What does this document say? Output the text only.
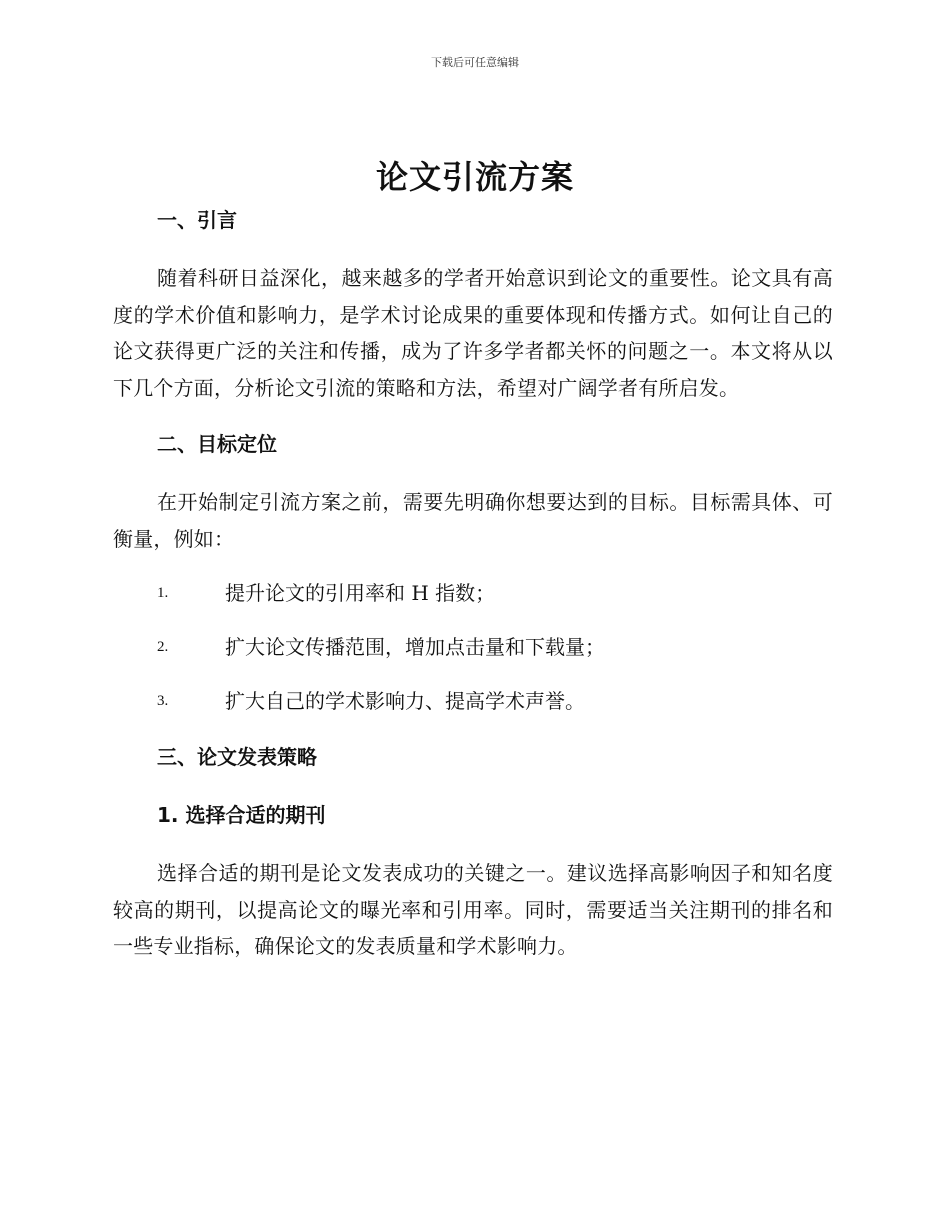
下载后可任意编辑
论文引流方案

一、引言

随着科研日益深化，越来越多的学者开始意识到论文的重要性。论文具有高度的学术价值和影响力，是学术讨论成果的重要体现和传播方式。如何让自己的论文获得更广泛的关注和传播，成为了许多学者都关怀的问题之一。本文将从以下几个方面，分析论文引流的策略和方法，希望对广阔学者有所启发。

二、目标定位

在开始制定引流方案之前，需要先明确你想要达到的目标。目标需具体、可衡量，例如：

1.	提升论文的引用率和 H 指数；
2.	扩大论文传播范围，增加点击量和下载量；
3.	扩大自己的学术影响力、提高学术声誉。

三、论文发表策略

1. 选择合适的期刊

选择合适的期刊是论文发表成功的关键之一。建议选择高影响因子和知名度较高的期刊，以提高论文的曝光率和引用率。同时，需要适当关注期刊的排名和一些专业指标，确保论文的发表质量和学术影响力。
